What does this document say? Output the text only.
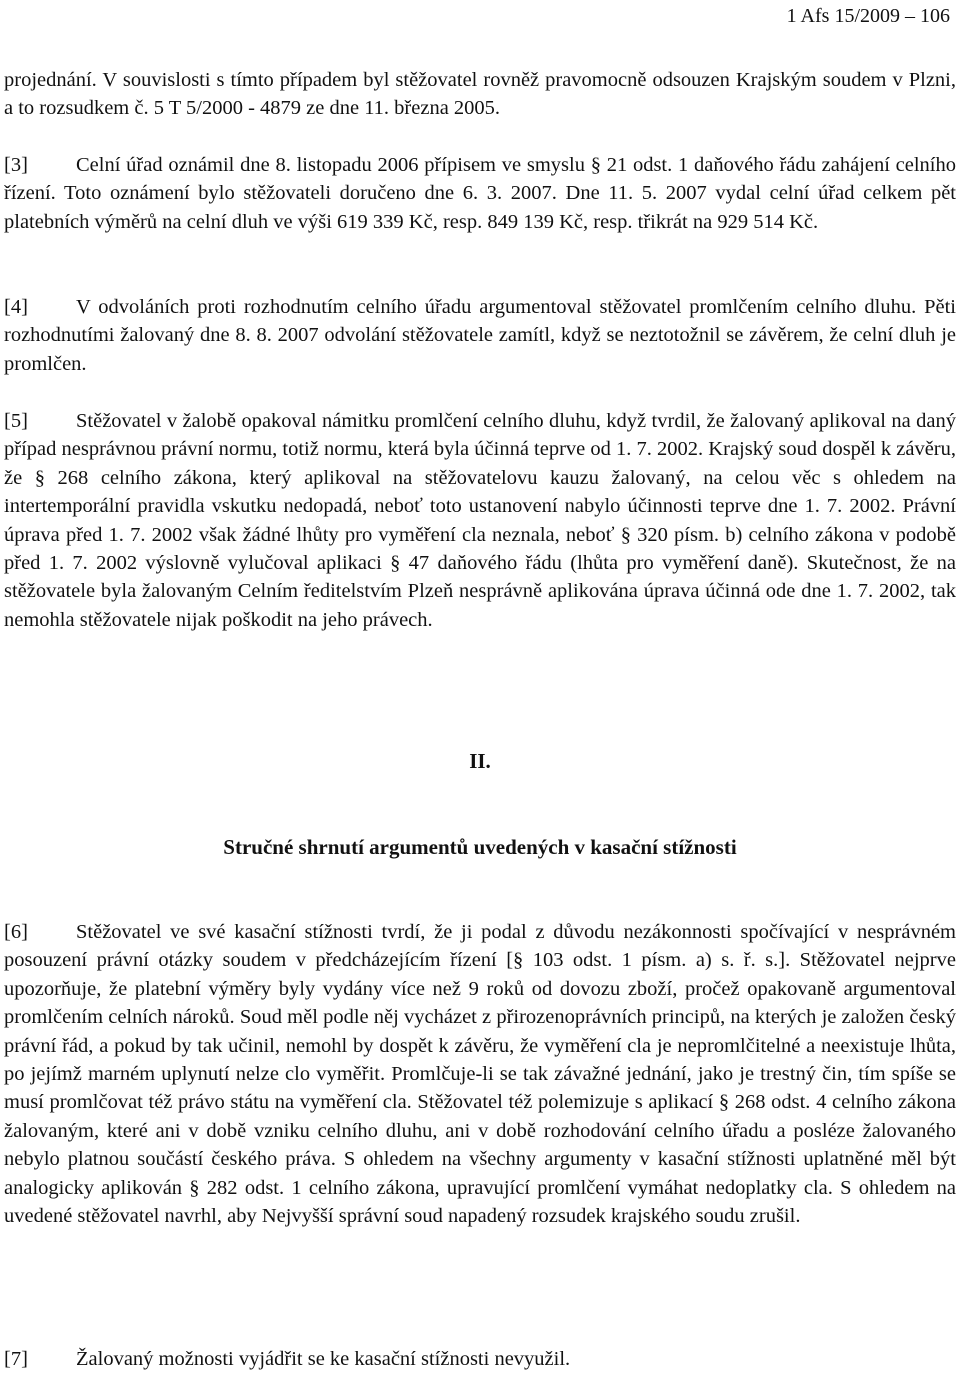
1 Afs 15/2009 – 106

projednání. V souvislosti s tímto případem byl stěžovatel rovněž pravomocně odsouzen Krajským soudem v Plzni, a to rozsudkem č. 5 T 5/2000 - 4879 ze dne 11. března 2005.

[3] Celní úřad oznámil dne 8. listopadu 2006 přípisem ve smyslu § 21 odst. 1 daňového řádu zahájení celního řízení. Toto oznámení bylo stěžovateli doručeno dne 6. 3. 2007. Dne 11. 5. 2007 vydal celní úřad celkem pět platebních výměrů na celní dluh ve výši 619 339 Kč, resp. 849 139 Kč, resp. třikrát na 929 514 Kč.

[4] V odvoláních proti rozhodnutím celního úřadu argumentoval stěžovatel promlčením celního dluhu. Pěti rozhodnutími žalovaný dne 8. 8. 2007 odvolání stěžovatele zamítl, když se neztotožnil se závěrem, že celní dluh je promlčen.

[5] Stěžovatel v žalobě opakoval námitku promlčení celního dluhu, když tvrdil, že žalovaný aplikoval na daný případ nesprávnou právní normu, totiž normu, která byla účinná teprve od 1. 7. 2002. Krajský soud dospěl k závěru, že § 268 celního zákona, který aplikoval na stěžovatelovu kauzu žalovaný, na celou věc s ohledem na intertemporální pravidla vskutku nedopadá, neboť toto ustanovení nabylo účinnosti teprve dne 1. 7. 2002. Právní úprava před 1. 7. 2002 však žádné lhůty pro vyměření cla neznala, neboť § 320 písm. b) celního zákona v podobě před 1. 7. 2002 výslovně vylučoval aplikaci § 47 daňového řádu (lhůta pro vyměření daně). Skutečnost, že na stěžovatele byla žalovaným Celním ředitelstvím Plzeň nesprávně aplikována úprava účinná ode dne 1. 7. 2002, tak nemohla stěžovatele nijak poškodit na jeho právech.

II.
Stručné shrnutí argumentů uvedených v kasační stížnosti

[6] Stěžovatel ve své kasační stížnosti tvrdí, že ji podal z důvodu nezákonnosti spočívající v nesprávném posouzení právní otázky soudem v předcházejícím řízení [§ 103 odst. 1 písm. a) s. ř. s.]. Stěžovatel nejprve upozorňuje, že platební výměry byly vydány více než 9 roků od dovozu zboží, pročež opakovaně argumentoval promlčením celních nároků. Soud měl podle něj vycházet z přirozenoprávních principů, na kterých je založen český právní řád, a pokud by tak učinil, nemohl by dospět k závěru, že vyměření cla je nepromlčitelné a neexistuje lhůta, po jejímž marném uplynutí nelze clo vyměřit. Promlčuje-li se tak závažné jednání, jako je trestný čin, tím spíše se musí promlčovat též právo státu na vyměření cla. Stěžovatel též polemizuje s aplikací § 268 odst. 4 celního zákona žalovaným, které ani v době vzniku celního dluhu, ani v době rozhodování celního úřadu a posléze žalovaného nebylo platnou součástí českého práva. S ohledem na všechny argumenty v kasační stížnosti uplatněné měl být analogicky aplikován § 282 odst. 1 celního zákona, upravující promlčení vymáhat nedoplatky cla. S ohledem na uvedené stěžovatel navrhl, aby Nejvyšší správní soud napadený rozsudek krajského soudu zrušil.

[7] Žalovaný možnosti vyjádřit se ke kasační stížnosti nevyužil.
